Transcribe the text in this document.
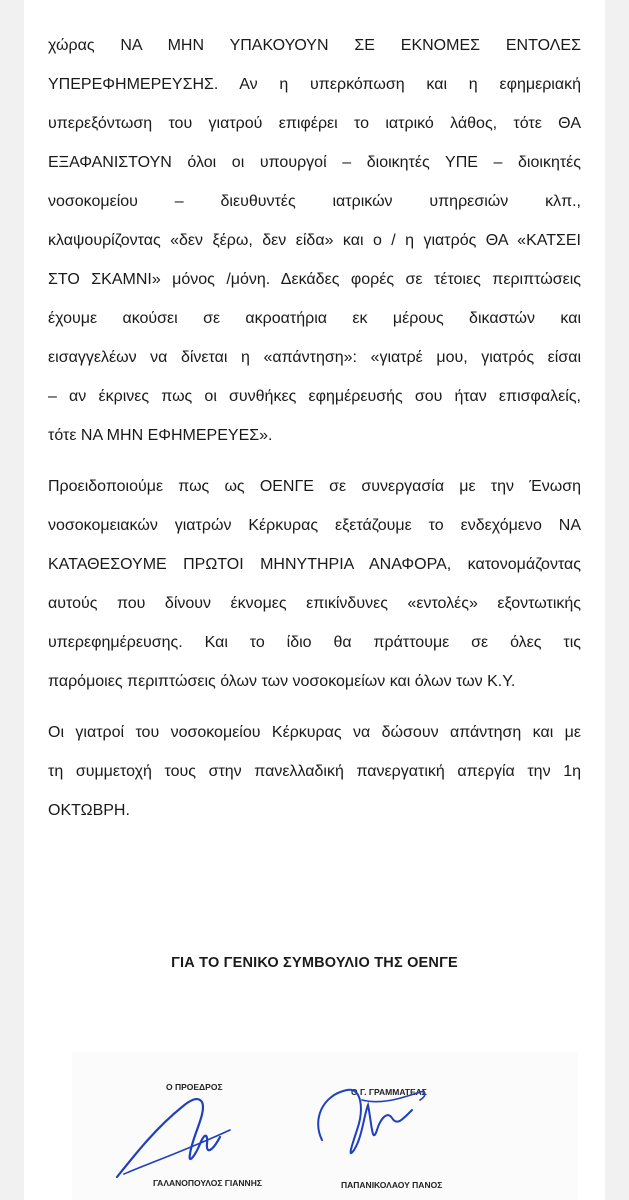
χώρας ΝΑ ΜΗΝ ΥΠΑΚΟΥΟΥΝ ΣΕ ΕΚΝΟΜΕΣ ΕΝΤΟΛΕΣ
ΥΠΕΡΕΦΗΜΕΡΕΥΣΗΣ. Αν η υπερκόπωση και η εφημεριακή
υπερεξόντωση του γιατρού επιφέρει το ιατρικό λάθος, τότε ΘΑ
ΕΞΑΦΑΝΙΣΤΟΥΝ όλοι οι υπουργοί – διοικητές ΥΠΕ – διοικητές
νοσοκομείου – διευθυντές ιατρικών υπηρεσιών κλπ.,
κλαψουρίζοντας «δεν ξέρω, δεν είδα» και ο / η γιατρός ΘΑ «ΚΑΤΣΕΙ
ΣΤΟ ΣΚΑΜΝΙ» μόνος /μόνη. Δεκάδες φορές σε τέτοιες περιπτώσεις
έχουμε ακούσει σε ακροατήρια εκ μέρους δικαστών και
εισαγγελέων να δίνεται η «απάντηση»: «γιατρέ μου, γιατρός είσαι
– αν έκρινες πως οι συνθήκες εφημέρευσής σου ήταν επισφαλείς,
τότε ΝΑ ΜΗΝ ΕΦΗΜΕΡΕΥΕΣ».

Προειδοποιούμε πως ως ΟΕΝΓΕ σε συνεργασία με την Ένωση
νοσοκομειακών γιατρών Κέρκυρας εξετάζουμε το ενδεχόμενο ΝΑ
ΚΑΤΑΘΕΣΟΥΜΕ ΠΡΩΤΟΙ ΜΗΝΥΤΗΡΙΑ ΑΝΑΦΟΡΑ, κατονομάζοντας
αυτούς που δίνουν έκνομες επικίνδυνες «εντολές» εξοντωτικής
υπερεφημέρευσης. Και το ίδιο θα πράττουμε σε όλες τις
παρόμοιες περιπτώσεις όλων των νοσοκομείων και όλων των Κ.Υ.

Οι γιατροί του νοσοκομείου Κέρκυρας να δώσουν απάντηση και με
τη συμμετοχή τους στην πανελλαδική πανεργατική απεργία την 1η
ΟΚΤΩΒΡΗ.

ΓΙΑ ΤΟ ΓΕΝΙΚΟ ΣΥΜΒΟΥΛΙΟ ΤΗΣ ΟΕΝΓΕ

Ο ΠΡΟΕΔΡΟΣ	Ο Γ. ΓΡΑΜΜΑΤΕΑΣ
ΓΑΛΑΝΟΠΟΥΛΟΣ ΓΙΑΝΝΗΣ	ΠΑΠΑΝΙΚΟΛΑΟΥ ΠΑΝΟΣ
